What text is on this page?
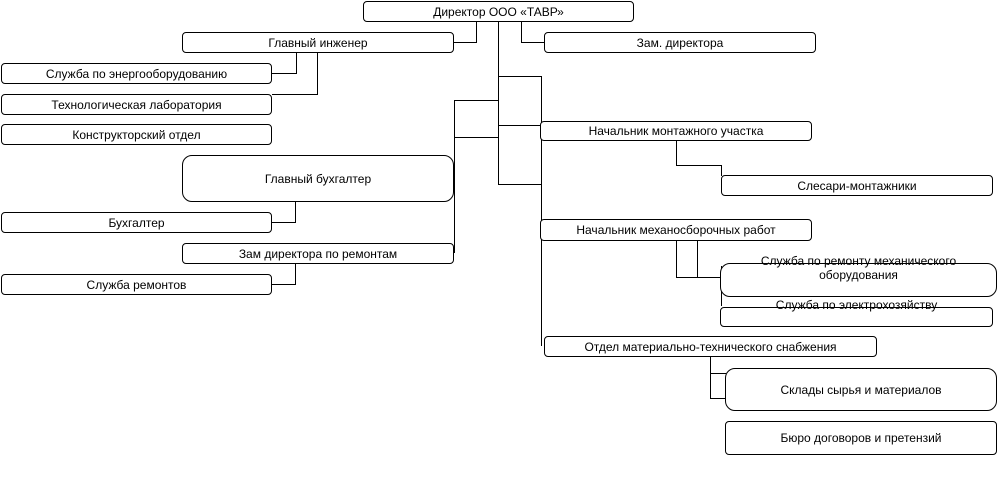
Директор ООО «ТАВР»
Главный инженер	Зам. директора
Служба по энергооборудованию
Технологическая лаборатория
Конструкторский отдел
Главный бухгалтер
Бухгалтер
Зам директора по ремонтам
Служба ремонтов
Начальник монтажного участка
Слесари-монтажники
Начальник механосборочных работ
Служба по ремонту механического оборудования
Служба по электрохозяйству
Отдел материально-технического снабжения
Склады сырья и материалов
Бюро договоров и претензий
